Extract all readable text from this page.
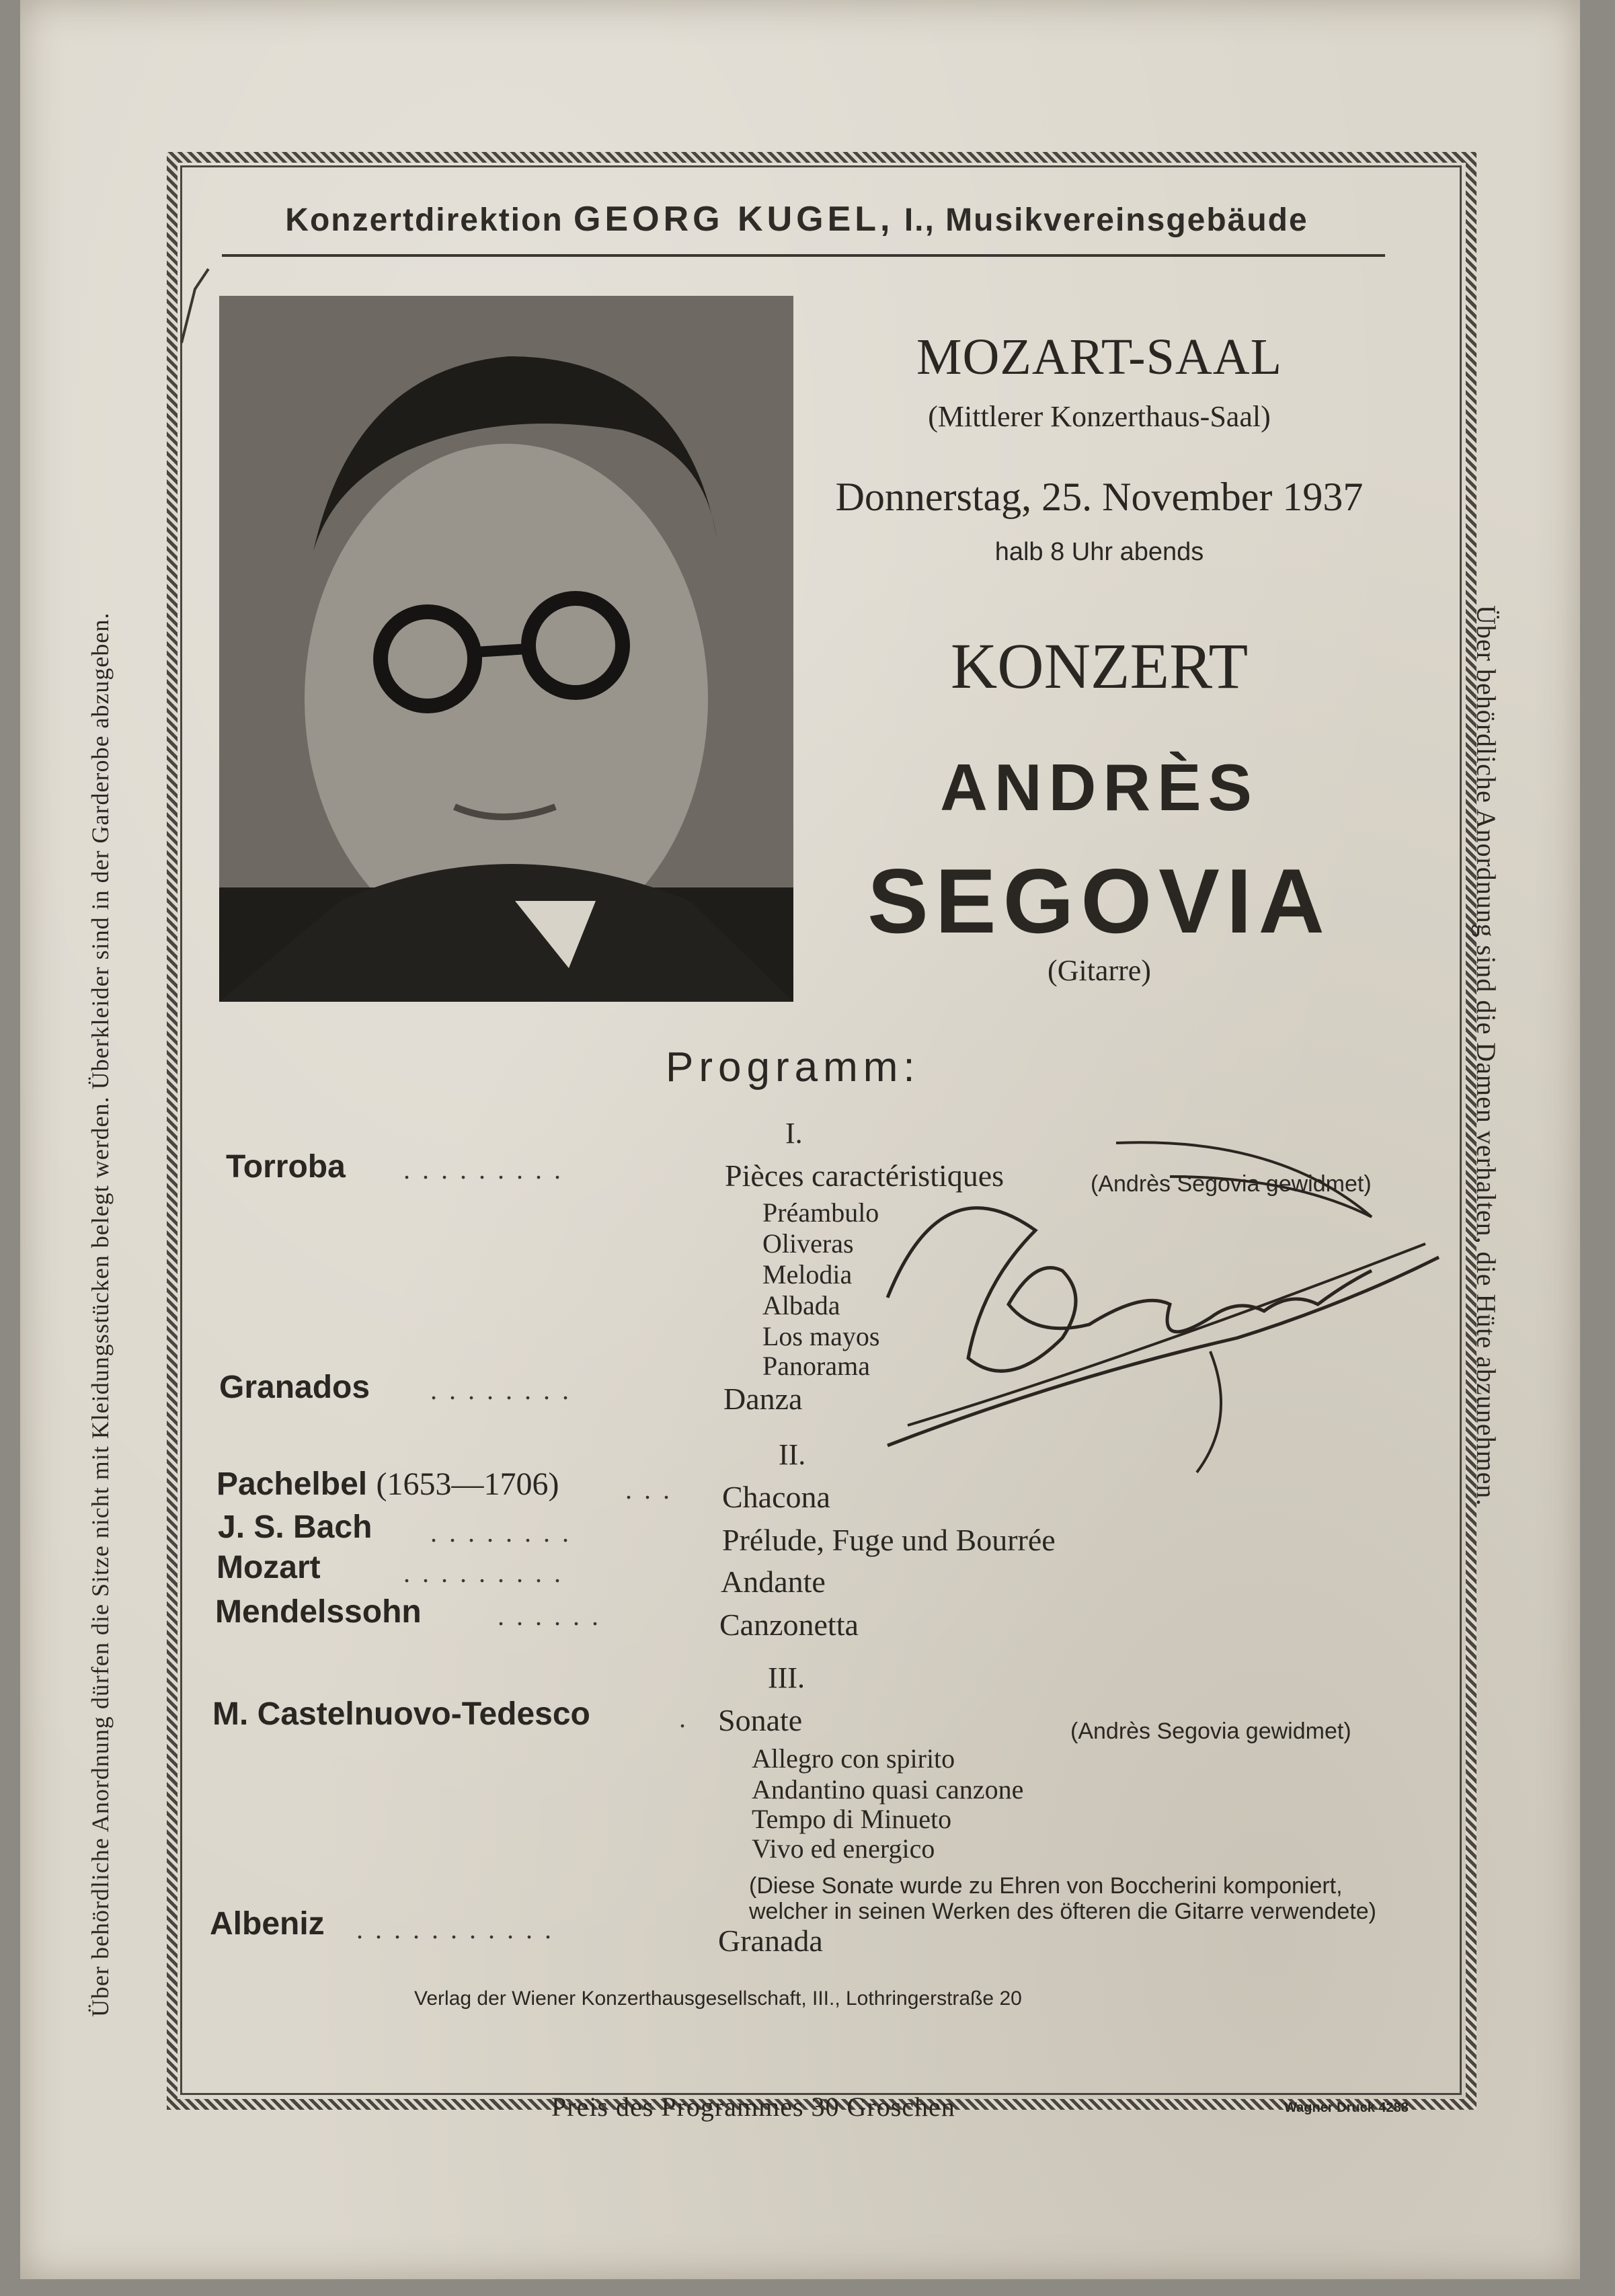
Über behördliche Anordnung dürfen die Sitze nicht mit Kleidungsstücken belegt werden. Überkleider sind in der Garderobe abzugeben.	Über behördliche Anordnung sind die Damen verhalten, die Hüte abzunehmen.
Konzertdirektion GEORG KUGEL, I., Musikvereinsgebäude
MOZART-SAAL
(Mittlerer Konzerthaus-Saal)
Donnerstag, 25. November 1937
halb 8 Uhr abends
KONZERT
ANDRÈS
SEGOVIA
(Gitarre)
Programm:
I.
Torroba .........	Pièces caractéristiques	(Andrès Segovia gewidmet)
Préambulo
Oliveras
Melodia
Albada
Los mayos
Panorama
Granados ........	Danza
II.
Pachelbel (1653—1706) ... Chacona
J. S. Bach ........	Prélude, Fuge und Bourrée
Mozart	.........	Andante
Mendelssohn	......	Canzonetta
III.
M. Castelnuovo-Tedesco	. Sonate	(Andrès Segovia gewidmet)
Allegro con spirito
Andantino quasi canzone
Tempo di Minueto
Vivo ed energico
(Diese Sonate wurde zu Ehren von Boccherini komponiert,
welcher in seinen Werken des öfteren die Gitarre verwendete)
Albeniz ...........	Granada
Verlag der Wiener Konzerthausgesellschaft, III., Lothringerstraße 20
Preis des Programmes 30 Groschen	Wagner Druck 4288
